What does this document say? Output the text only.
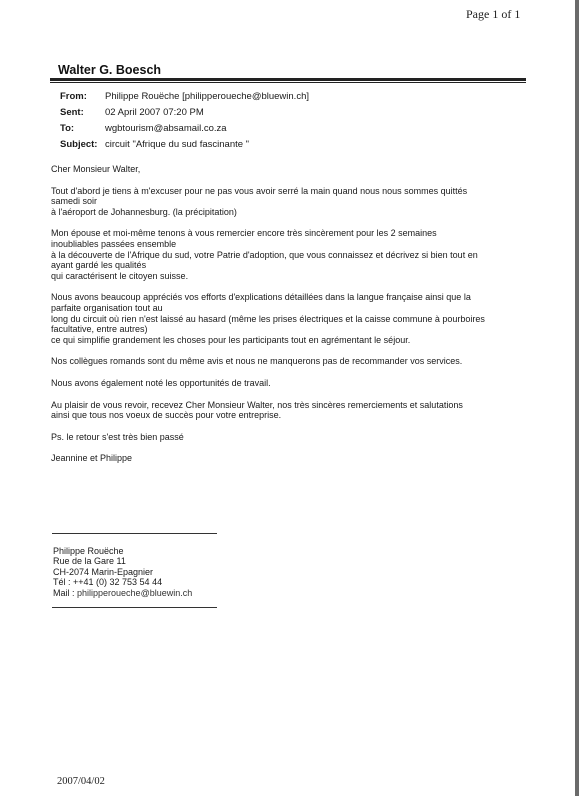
Page 1 of 1
Walter G. Boesch
From:	Philippe Rouëche [philipperoueche@bluewin.ch]
Sent:	02 April 2007 07:20 PM
To:	wgbtourism@absamail.co.za
Subject: circuit "Afrique du sud fascinante "

Cher Monsieur Walter,

Tout d'abord je tiens à m'excuser pour ne pas vous avoir serré la main quand nous nous sommes quittés
samedi soir
à l'aéroport de Johannesburg. (la précipitation)

Mon épouse et moi-même tenons à vous remercier encore très sincèrement pour les 2 semaines
inoubliables passées ensemble
à la découverte de l'Afrique du sud, votre Patrie d'adoption, que vous connaissez et décrivez si bien tout en
ayant gardé les qualités
qui caractérisent le citoyen suisse.

Nous avons beaucoup appréciés vos efforts d'explications détaillées dans la langue française ainsi que la
parfaite organisation tout au
long du circuit où rien n'est laissé au hasard (même les prises électriques et la caisse commune à pourboires
facultative, entre autres)
ce qui simplifie grandement les choses pour les participants tout en agrémentant le séjour.

Nos collègues romands sont du même avis et nous ne manquerons pas de recommander vos services.

Nous avons également noté les opportunités de travail.

Au plaisir de vous revoir, recevez Cher Monsieur Walter, nos très sincères remerciements et salutations
ainsi que tous nos voeux de succès pour votre entreprise.

Ps. le retour s'est très bien passé

Jeannine et Philippe

Philippe Rouëche
Rue de la Gare 11
CH-2074 Marin-Epagnier
Tél : ++41 (0) 32 753 54 44
Mail : philipperoueche@bluewin.ch
2007/04/02
